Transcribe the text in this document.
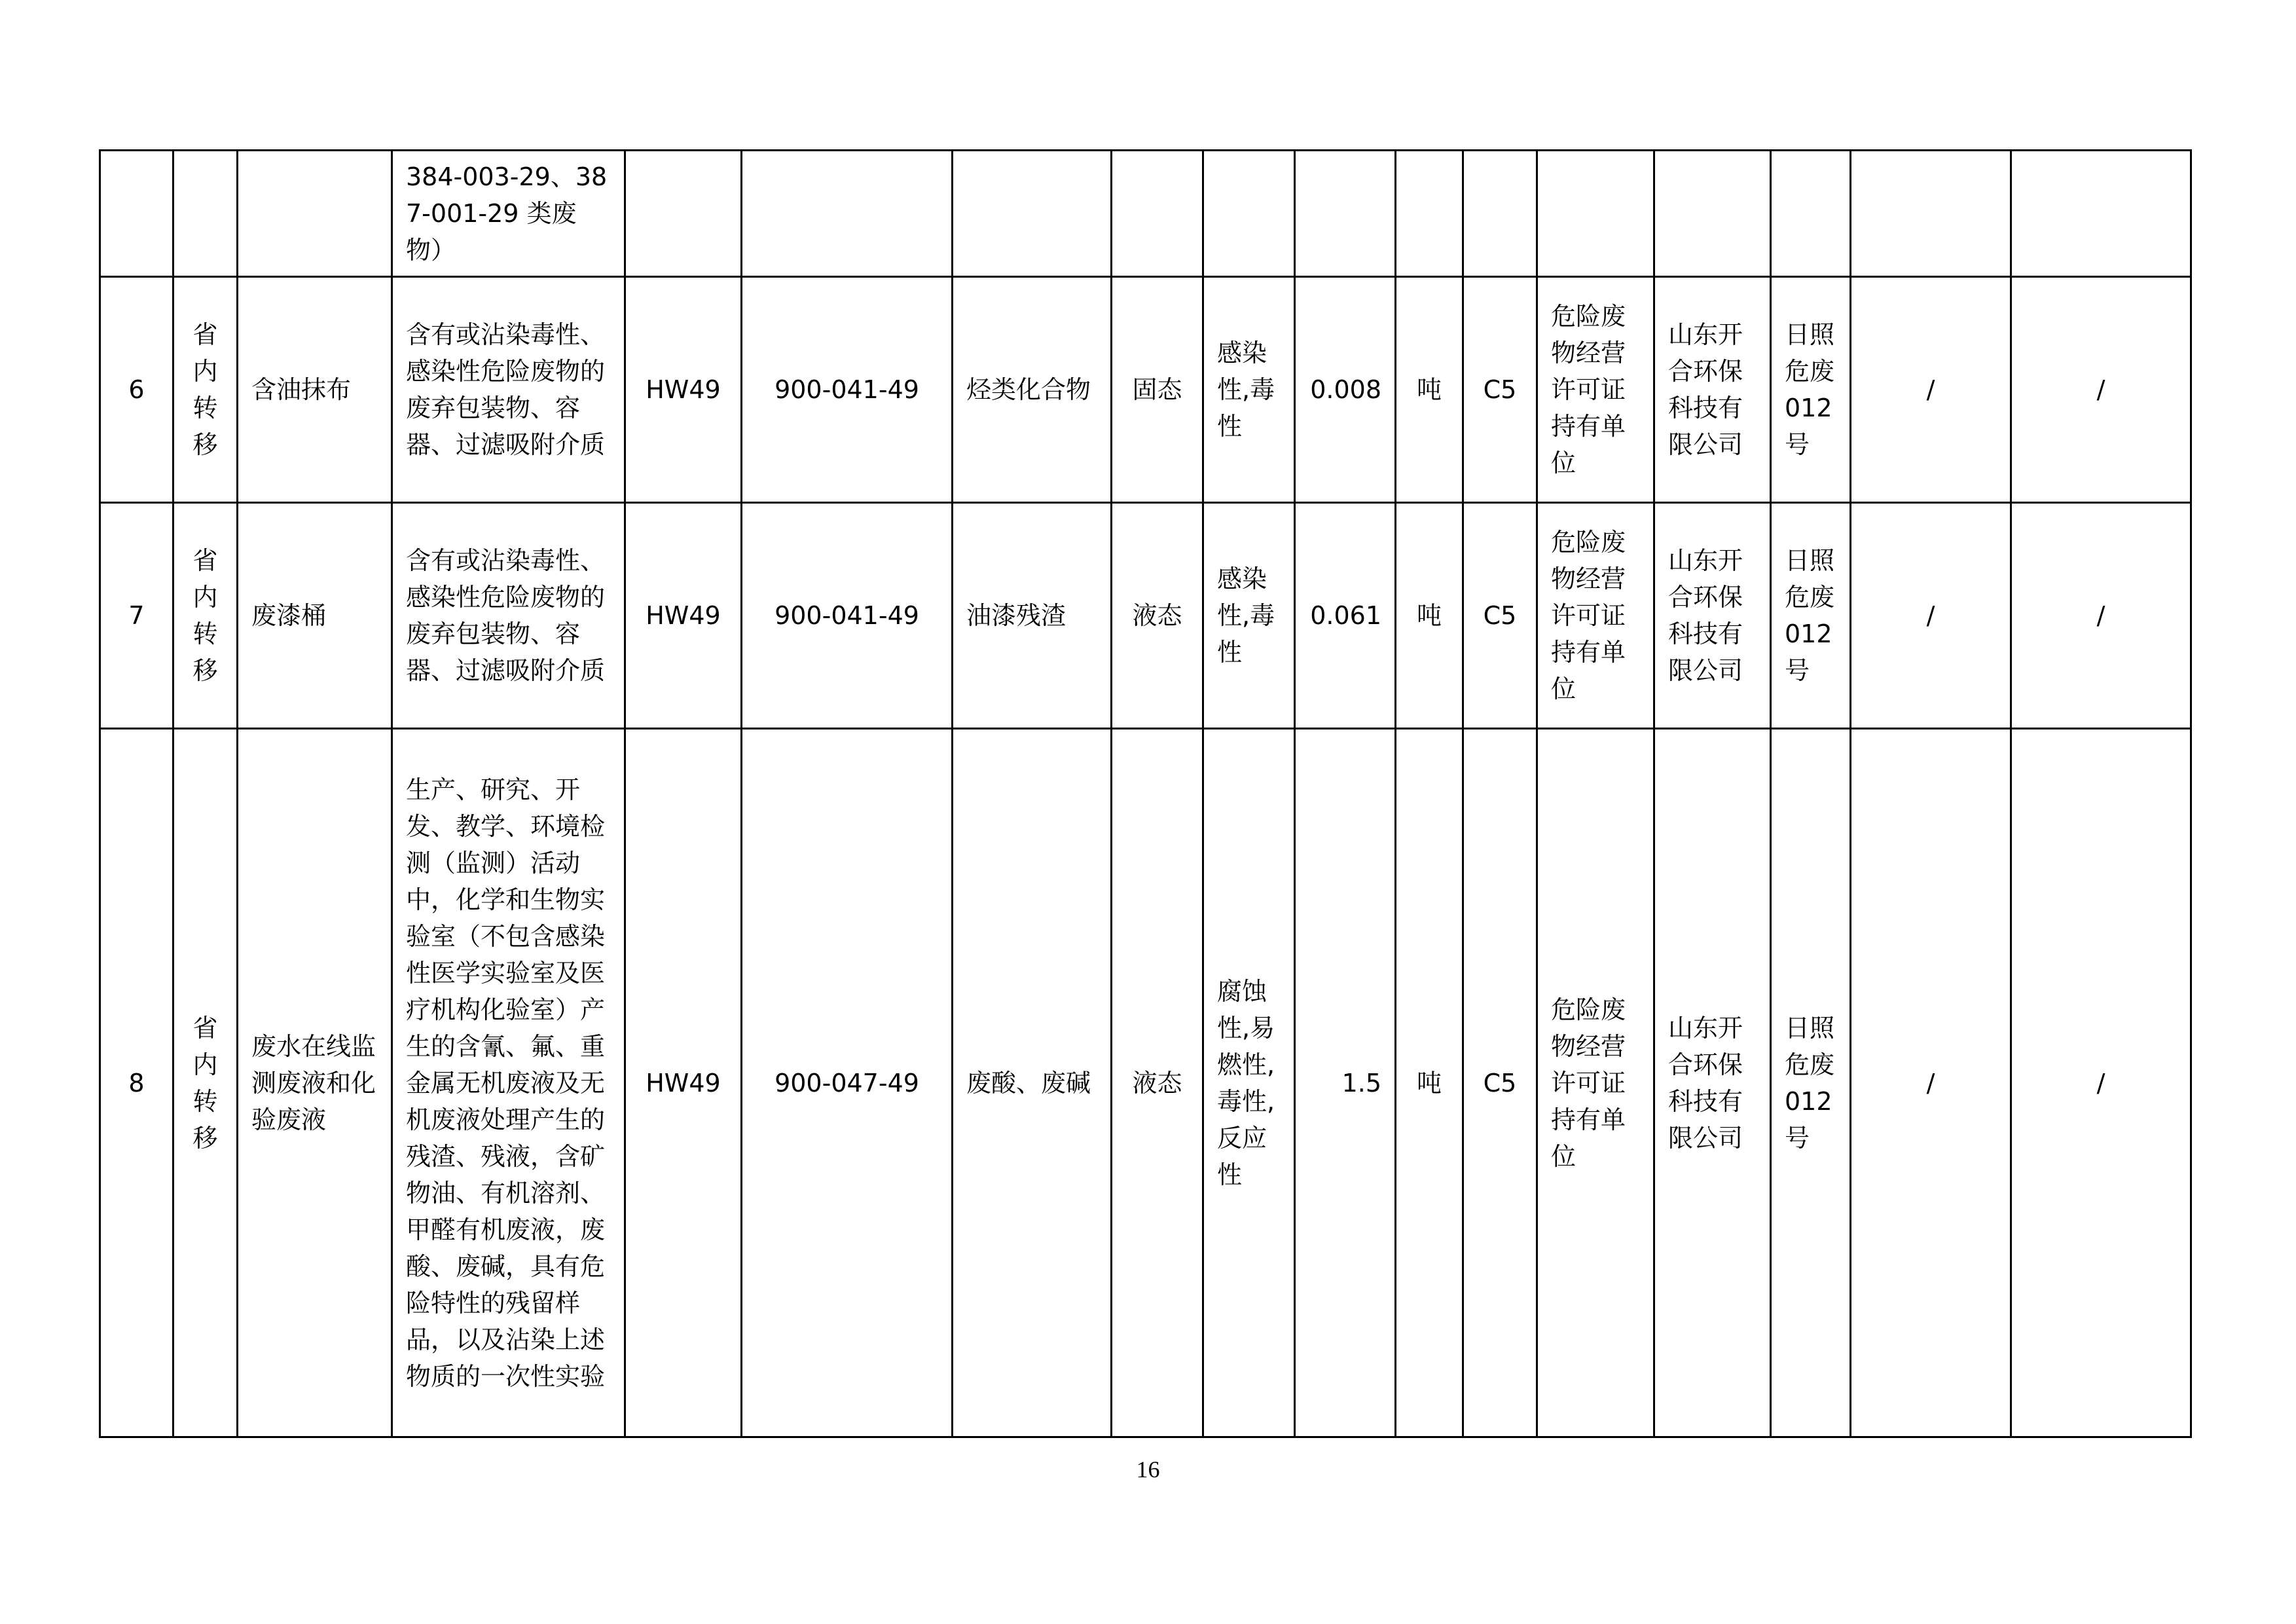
			384-003-29、387-001-29 类废物）													
6	省内转移	含油抹布	含有或沾染毒性、感染性危险废物的废弃包装物、容器、过滤吸附介质	HW49	900-041-49	烃类化合物	固态	感染性,毒性	0.008	吨	C5	危险废物经营许可证持有单位	山东开合环保科技有限公司	日照危废012号	/	/
7	省内转移	废漆桶	含有或沾染毒性、感染性危险废物的废弃包装物、容器、过滤吸附介质	HW49	900-041-49	油漆残渣	液态	感染性,毒性	0.061	吨	C5	危险废物经营许可证持有单位	山东开合环保科技有限公司	日照危废012号	/	/
8	省内转移	废水在线监测废液和化验废液	生产、研究、开发、教学、环境检测（监测）活动中，化学和生物实验室（不包含感染性医学实验室及医疗机构化验室）产生的含氰、氟、重金属无机废液及无机废液处理产生的残渣、残液，含矿物油、有机溶剂、甲醛有机废液，废酸、废碱，具有危险特性的残留样品，以及沾染上述物质的一次性实验	HW49	900-047-49	废酸、废碱	液态	腐蚀性,易燃性,毒性,反应性	1.5	吨	C5	危险废物经营许可证持有单位	山东开合环保科技有限公司	日照危废012号	/	/
16
